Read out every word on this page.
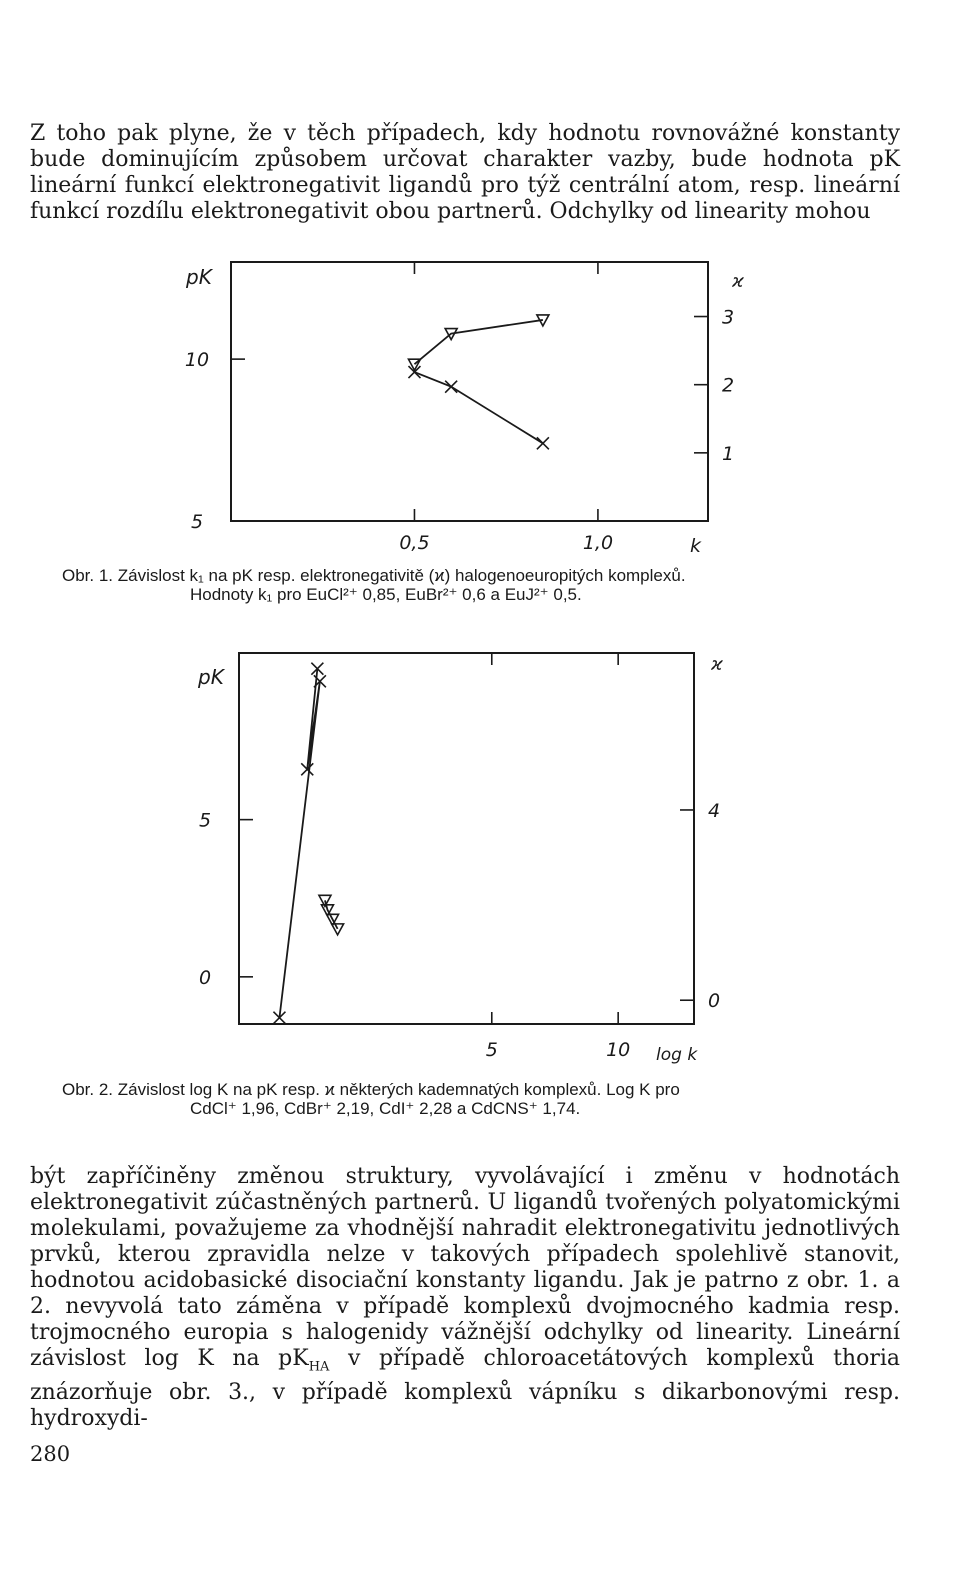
Z toho pak plyne, že v těch případech, kdy hodnotu rovnovážné konstanty bude dominujícím způsobem určovat charakter vazby, bude hodnota pK lineární funkcí elektronegativit ligandů pro týž centrální atom, resp. lineární funkcí rozdílu elektronegativit obou partnerů. Odchylky od linearity mohou

0,5	1,0
5
10
1
2
3
pK	ϰ
k
Obr. 1. Závislost k₁ na pK resp. elektronegativitě (ϰ) halogenoeuropitých komplexů.
Hodnoty k₁ pro EuCl²⁺ 0,85, EuBr²⁺ 0,6 a EuJ²⁺ 0,5.
5	10
0
5
0
4
pK
ϰ
log k
Obr. 2. Závislost log K na pK resp. ϰ některých kademnatých komplexů. Log K pro
CdCl⁺ 1,96, CdBr⁺ 2,19, CdI⁺ 2,28 a CdCNS⁺ 1,74.

být zapříčiněny změnou struktury, vyvolávající i změnu v hodnotách elektronegativit zúčastněných partnerů. U ligandů tvořených polyatomickými molekulami, považujeme za vhodnější nahradit elektronegativitu jednotlivých prvků, kterou zpravidla nelze v takových případech spolehlivě stanovit, hodnotou acidobasické disociační konstanty ligandu. Jak je patrno z obr. 1. a 2. nevyvolá tato záměna v případě komplexů dvojmocného kadmia resp. trojmocného europia s halogenidy vážnější odchylky od linearity. Lineární závislost log K na $pK_{HA}$ v případě chloroacetátových komplexů thoria znázorňuje obr. 3., v případě komplexů vápníku s dikarbonovými resp. hydroxydi-

280
